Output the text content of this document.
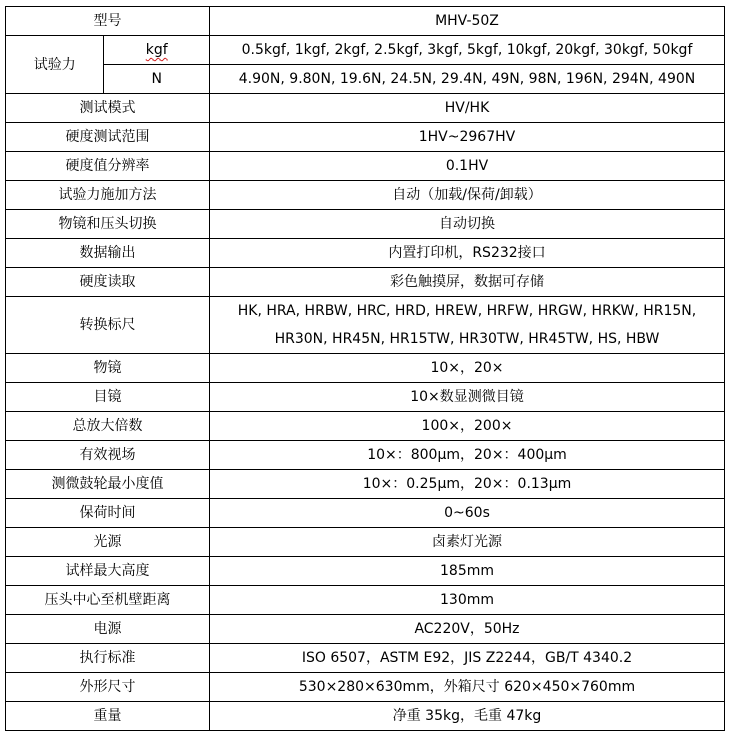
型号		MHV-50Z
试验力	kgf	0.5kgf, 1kgf, 2kgf, 2.5kgf, 3kgf, 5kgf, 10kgf, 20kgf, 30kgf, 50kgf
	N	4.90N, 9.80N, 19.6N, 24.5N, 29.4N, 49N, 98N, 196N, 294N, 490N
测试模式		HV/HK
硬度测试范围		1HV~2967HV
硬度值分辨率		0.1HV
试验力施加方法		自动（加载/保荷/卸载）
物镜和压头切换		自动切换
数据输出		内置打印机，RS232接口
硬度读取		彩色触摸屏，数据可存储
转换标尺		HK, HRA, HRBW, HRC, HRD, HREW, HRFW, HRGW, HRKW, HR15N, HR30N, HR45N, HR15TW, HR30TW, HR45TW, HS, HBW
物镜		10×，20×
目镜		10×数显测微目镜
总放大倍数		100×，200×
有效视场		10×：800μm，20×：400μm
测微鼓轮最小度值		10×：0.25μm，20×：0.13μm
保荷时间		0~60s
光源		卤素灯光源
试样最大高度		185mm
压头中心至机壁距离		130mm
电源		AC220V，50Hz
执行标准		ISO 6507，ASTM E92，JIS Z2244，GB/T 4340.2
外形尺寸		530×280×630mm，外箱尺寸 620×450×760mm
重量		净重 35kg，毛重 47kg
